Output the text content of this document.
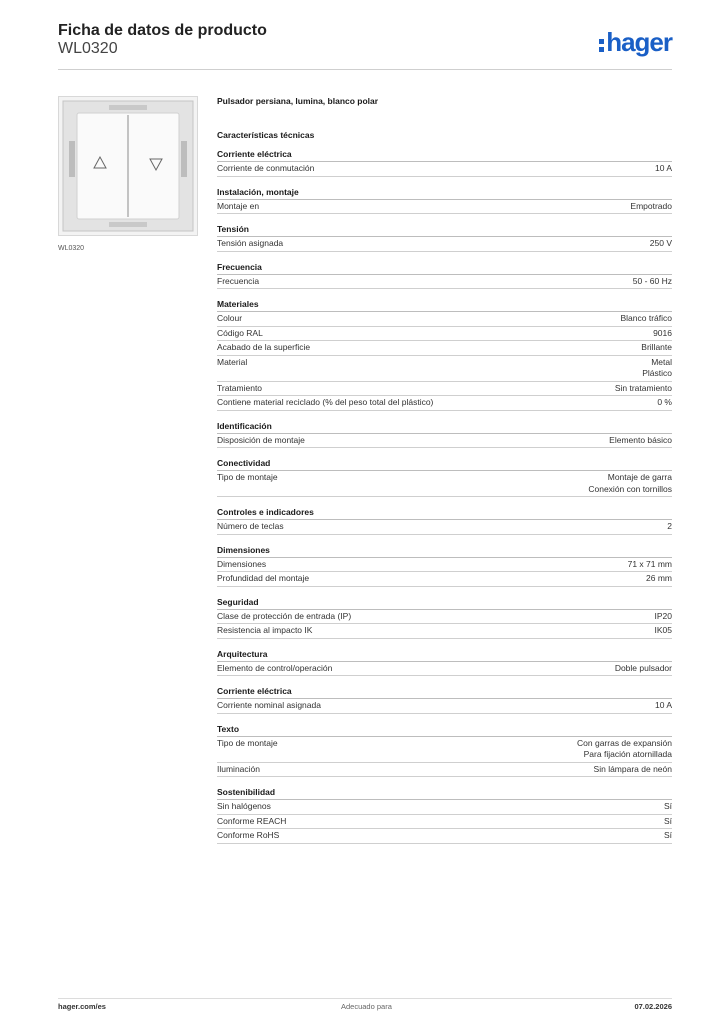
Ficha de datos de producto
WL0320	hager
WL0320
Pulsador persiana, lumina, blanco polar
Características técnicas
Corriente eléctrica
Corriente de conmutación	10 A
Instalación, montaje
Montaje en	Empotrado
Tensión
Tensión asignada	250 V
Frecuencia
Frecuencia	50 - 60 Hz
Materiales
Colour	Blanco tráfico
Código RAL	9016
Acabado de la superficie	Brillante
Material	Metal
Plástico
Tratamiento	Sin tratamiento
Contiene material reciclado (% del peso total del plástico)	0 %
Identificación
Disposición de montaje	Elemento básico
Conectividad
Tipo de montaje	Montaje de garra
Conexión con tornillos
Controles e indicadores
Número de teclas	2
Dimensiones
Dimensiones	71 x 71 mm
Profundidad del montaje	26 mm
Seguridad
Clase de protección de entrada (IP)	IP20
Resistencia al impacto IK	IK05
Arquitectura
Elemento de control/operación	Doble pulsador
Corriente eléctrica
Corriente nominal asignada	10 A
Texto
Tipo de montaje	Con garras de expansión
Para fijación atornillada
Iluminación	Sin lámpara de neón
Sostenibilidad
Sin halógenos	Sí
Conforme REACH	Sí
Conforme RoHS	Sí
hager.com/es	Adecuado para	07.02.2026
